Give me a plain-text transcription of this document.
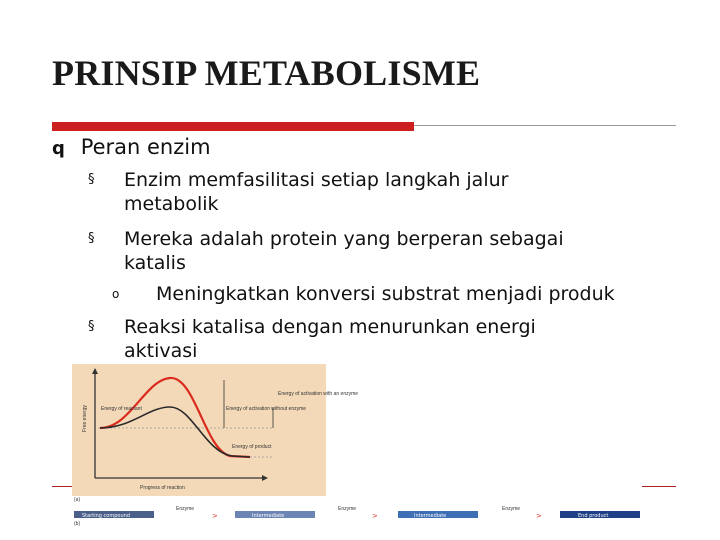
PRINSIP METABOLISME
q Peran enzim
§ Enzim memfasilitasi setiap langkah jalur
metabolik
§ Mereka adalah protein yang berperan sebagai
katalis
o Meningkatkan konversi substrat menjadi produk
§ Reaksi katalisa dengan menurunkan energi
aktivasi
Free energy
Progress of reaction
Energy of reactant	Energy of activation without enzyme
Energy of activation with an enzyme
Energy of product
(a)
(b)
Starting compound
Enzyme
>	Intermediate
Enzyme
>	Intermediate
Enzyme
>	End product
